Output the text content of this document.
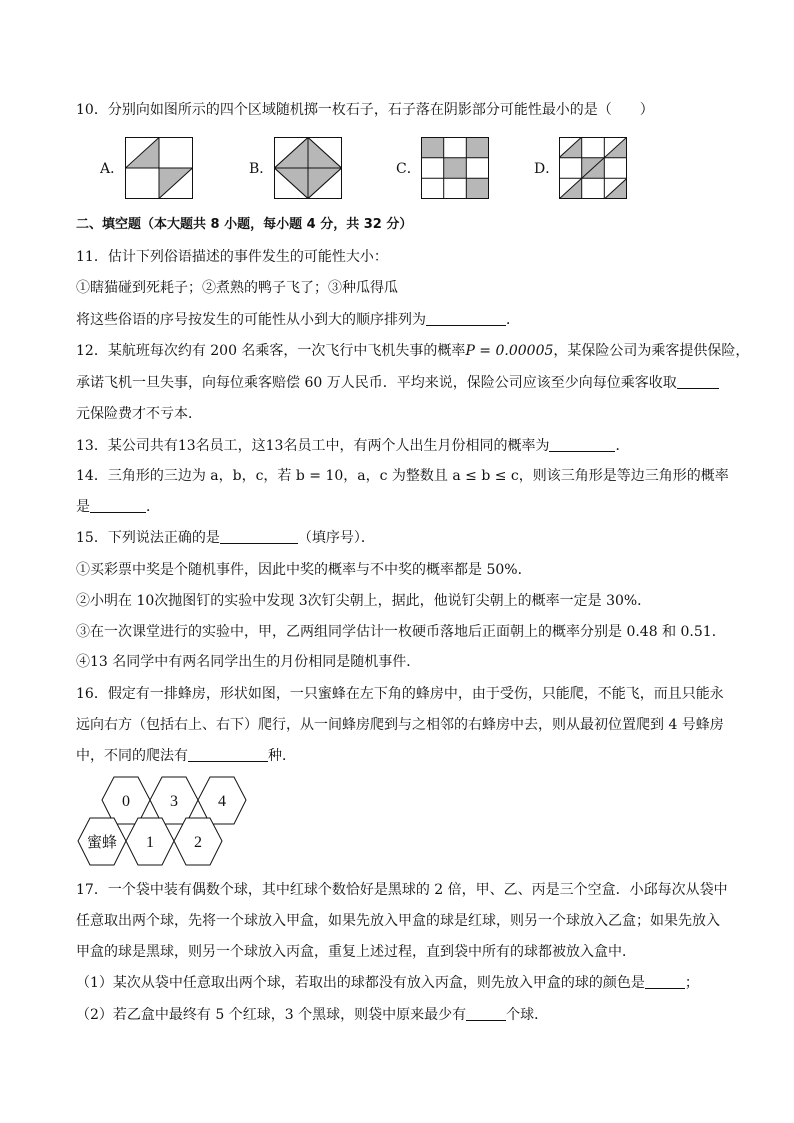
10．分别向如图所示的四个区域随机掷一枚石子，石子落在阴影部分可能性最小的是（　　）
A．	B．	C．	D．
二、填空题（本大题共 8 小题，每小题 4 分，共 32 分）
11．估计下列俗语描述的事件发生的可能性大小：
①瞎猫碰到死耗子；②煮熟的鸭子飞了；③种瓜得瓜
将这些俗语的序号按发生的可能性从小到大的顺序排列为	．
12．某航班每次约有 200 名乘客，一次飞行中飞机失事的概率P = 0.00005，某保险公司为乘客提供保险，
承诺飞机一旦失事，向每位乘客赔偿 60 万人民币．平均来说，保险公司应该至少向每位乘客收取
元保险费才不亏本．
13．某公司共有13名员工，这13名员工中，有两个人出生月份相同的概率为	．
14．三角形的三边为 a，b，c，若 b = 10，a，c 为整数且 a ≤ b ≤ c，则该三角形是等边三角形的概率
是	．
15．下列说法正确的是	（填序号）．
①买彩票中奖是个随机事件，因此中奖的概率与不中奖的概率都是 50%．
②小明在 10次抛图钉的实验中发现 3次钉尖朝上，据此，他说钉尖朝上的概率一定是 30%．
③在一次课堂进行的实验中，甲，乙两组同学估计一枚硬币落地后正面朝上的概率分别是 0.48 和 0.51．
④13 名同学中有两名同学出生的月份相同是随机事件．
16．假定有一排蜂房，形状如图，一只蜜蜂在左下角的蜂房中，由于受伤，只能爬，不能飞，而且只能永
远向右方（包括右上、右下）爬行，从一间蜂房爬到与之相邻的右蜂房中去，则从最初位置爬到 4 号蜂房
中，不同的爬法有	种．
0	3	4
蜜蜂 1	2
17．一个袋中装有偶数个球，其中红球个数恰好是黑球的 2 倍，甲、乙、丙是三个空盒．小邱每次从袋中
任意取出两个球，先将一个球放入甲盒，如果先放入甲盒的球是红球，则另一个球放入乙盒；如果先放入
甲盒的球是黑球，则另一个球放入丙盒，重复上述过程，直到袋中所有的球都被放入盒中．
（1）某次从袋中任意取出两个球，若取出的球都没有放入丙盒，则先放入甲盒的球的颜色是	；
（2）若乙盒中最终有 5 个红球，3 个黑球，则袋中原来最少有	个球．
